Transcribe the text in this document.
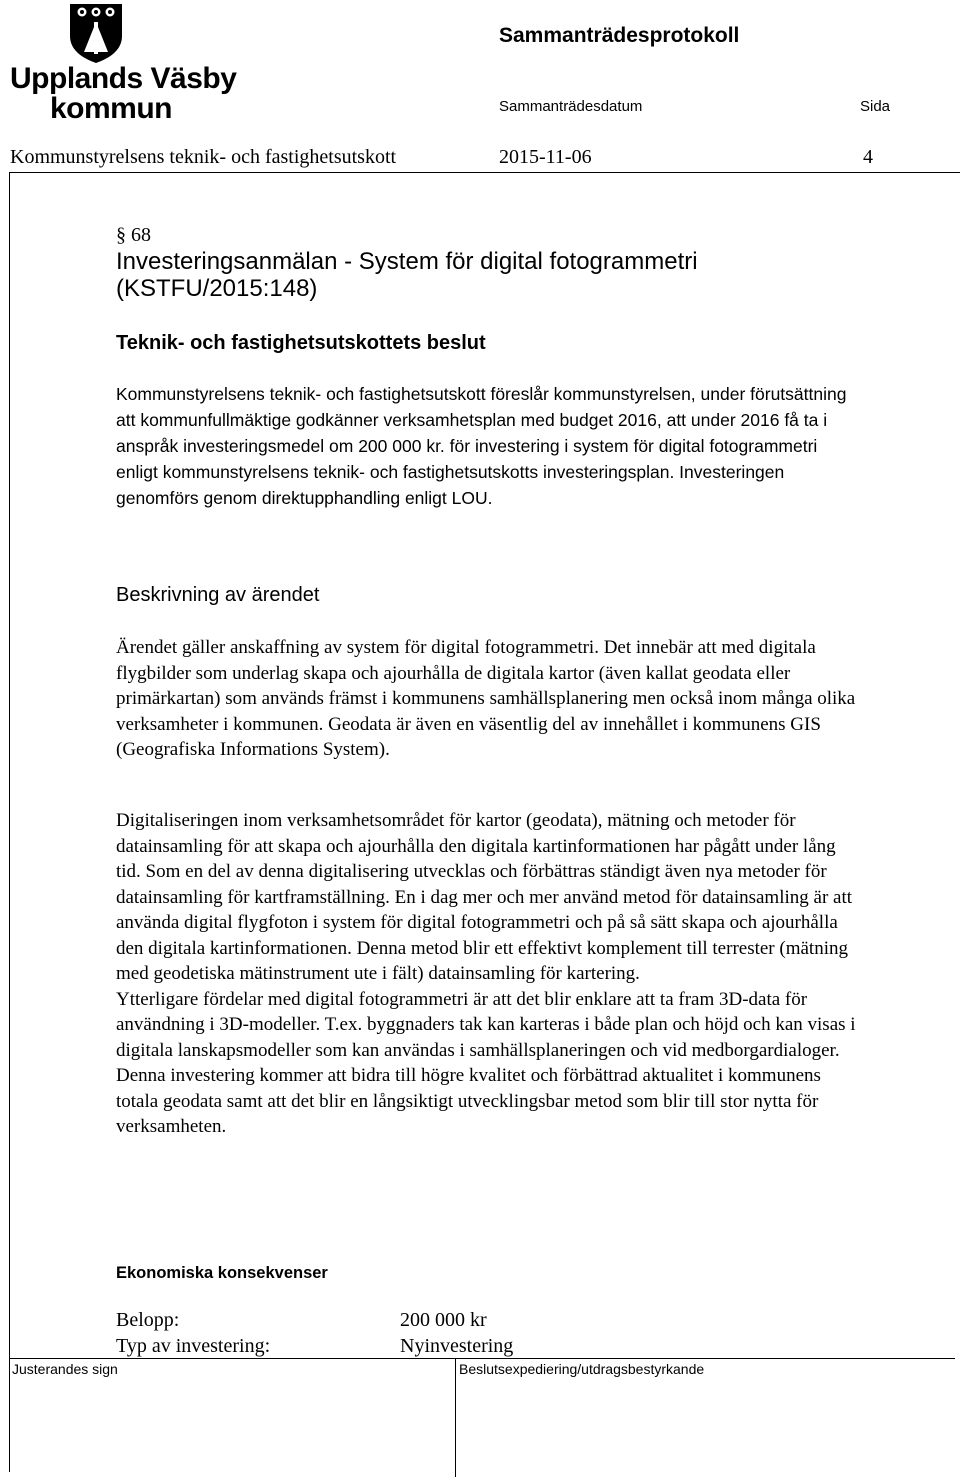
Upplands Väsby
kommun
Sammanträdesprotokoll
Sammanträdesdatum	Sida
Kommunstyrelsens teknik- och fastighetsutskott	2015-11-06	4
§ 68
Investeringsanmälan - System för digital fotogrammetri (KSTFU/2015:148)
Teknik- och fastighetsutskottets beslut
Kommunstyrelsens teknik- och fastighetsutskott föreslår kommunstyrelsen, under förutsättning att kommunfullmäktige godkänner verksamhetsplan med budget 2016, att under 2016 få ta i anspråk investeringsmedel om 200 000 kr. för investering i system för digital fotogrammetri enligt kommunstyrelsens teknik- och fastighetsutskotts investeringsplan. Investeringen genomförs genom direktupphandling enligt LOU.
Beskrivning av ärendet
Ärendet gäller anskaffning av system för digital fotogrammetri. Det innebär att med digitala flygbilder som underlag skapa och ajourhålla de digitala kartor (även kallat geodata eller primärkartan) som används främst i kommunens samhällsplanering men också inom många olika verksamheter i kommunen. Geodata är även en väsentlig del av innehållet i kommunens GIS (Geografiska Informations System).
Digitaliseringen inom verksamhetsområdet för kartor (geodata), mätning och metoder för datainsamling för att skapa och ajourhålla den digitala kartinformationen har pågått under lång tid. Som en del av denna digitalisering utvecklas och förbättras ständigt även nya metoder för datainsamling för kartframställning. En i dag mer och mer använd metod för datainsamling är att använda digital flygfoton i system för digital fotogrammetri och på så sätt skapa och ajourhålla den digitala kartinformationen. Denna metod blir ett effektivt komplement till terrester (mätning med geodetiska mätinstrument ute i fält) datainsamling för kartering.
Ytterligare fördelar med digital fotogrammetri är att det blir enklare att ta fram 3D-data för användning i 3D-modeller. T.ex. byggnaders tak kan karteras i både plan och höjd och kan visas i digitala lanskapsmodeller som kan användas i samhällsplaneringen och vid medborgardialoger.
Denna investering kommer att bidra till högre kvalitet och förbättrad aktualitet i kommunens totala geodata samt att det blir en långsiktigt utvecklingsbar metod som blir till stor nytta för verksamheten.
Ekonomiska konsekvenser
Belopp:	200 000 kr
Typ av investering:	Nyinvestering
Justerandes sign	Beslutsexpediering/utdragsbestyrkande
